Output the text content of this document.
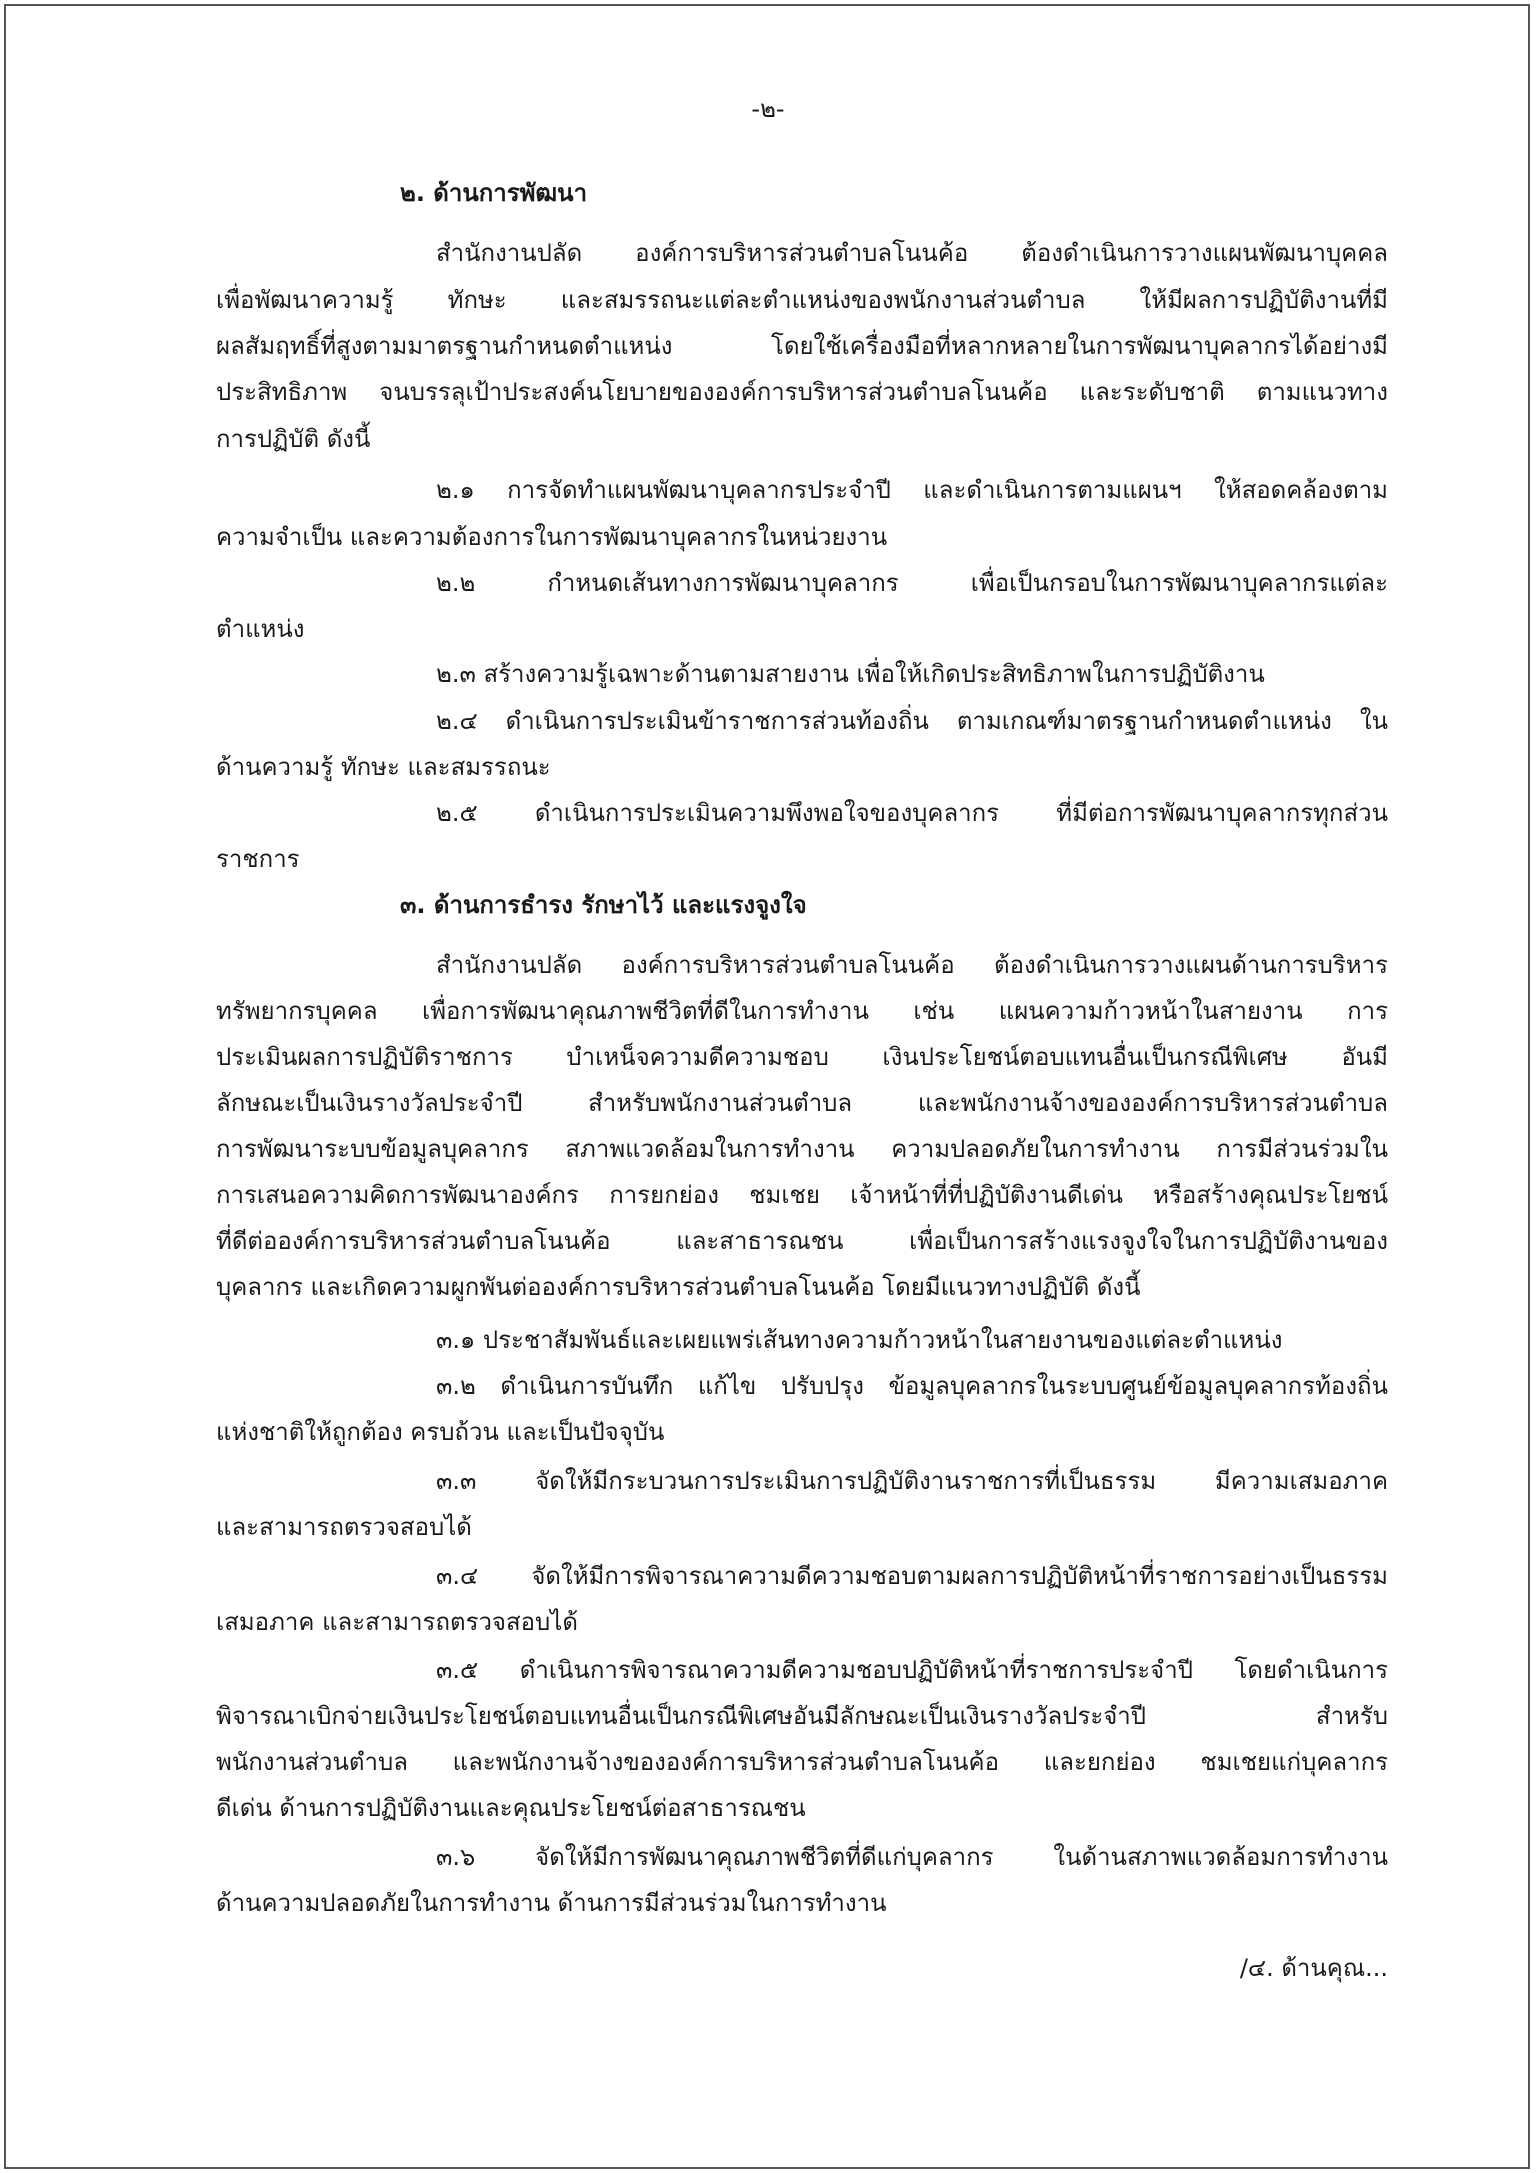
-๒-
๒. ด้านการพัฒนา
สำนักงานปลัด องค์การบริหารส่วนตำบลโนนค้อ ต้องดำเนินการวางแผนพัฒนาบุคคล
เพื่อพัฒนาความรู้ ทักษะ และสมรรถนะแต่ละตำแหน่งของพนักงานส่วนตำบล ให้มีผลการปฏิบัติงานที่มี
ผลสัมฤทธิ์ที่สูงตามมาตรฐานกำหนดตำแหน่ง โดยใช้เครื่องมือที่หลากหลายในการพัฒนาบุคลากรได้อย่างมี
ประสิทธิภาพ จนบรรลุเป้าประสงค์นโยบายขององค์การบริหารส่วนตำบลโนนค้อ และระดับชาติ ตามแนวทาง
การปฏิบัติ ดังนี้
๒.๑ การจัดทำแผนพัฒนาบุคลากรประจำปี และดำเนินการตามแผนฯ ให้สอดคล้องตาม
ความจำเป็น และความต้องการในการพัฒนาบุคลากรในหน่วยงาน
๒.๒ กำหนดเส้นทางการพัฒนาบุคลากร เพื่อเป็นกรอบในการพัฒนาบุคลากรแต่ละ
ตำแหน่ง
๒.๓ สร้างความรู้เฉพาะด้านตามสายงาน เพื่อให้เกิดประสิทธิภาพในการปฏิบัติงาน
๒.๔ ดำเนินการประเมินข้าราชการส่วนท้องถิ่น ตามเกณฑ์มาตรฐานกำหนดตำแหน่ง ใน
ด้านความรู้ ทักษะ และสมรรถนะ
๒.๕ ดำเนินการประเมินความพึงพอใจของบุคลากร ที่มีต่อการพัฒนาบุคลากรทุกส่วน
ราชการ
๓. ด้านการธำรง รักษาไว้ และแรงจูงใจ
สำนักงานปลัด องค์การบริหารส่วนตำบลโนนค้อ ต้องดำเนินการวางแผนด้านการบริหาร
ทรัพยากรบุคคล เพื่อการพัฒนาคุณภาพชีวิตที่ดีในการทำงาน เช่น แผนความก้าวหน้าในสายงาน การ
ประเมินผลการปฏิบัติราชการ บำเหน็จความดีความชอบ เงินประโยชน์ตอบแทนอื่นเป็นกรณีพิเศษ อันมี
ลักษณะเป็นเงินรางวัลประจำปี สำหรับพนักงานส่วนตำบล และพนักงานจ้างขององค์การบริหารส่วนตำบล
การพัฒนาระบบข้อมูลบุคลากร สภาพแวดล้อมในการทำงาน ความปลอดภัยในการทำงาน การมีส่วนร่วมใน
การเสนอความคิดการพัฒนาองค์กร การยกย่อง ชมเชย เจ้าหน้าที่ที่ปฏิบัติงานดีเด่น หรือสร้างคุณประโยชน์
ที่ดีต่อองค์การบริหารส่วนตำบลโนนค้อ และสาธารณชน เพื่อเป็นการสร้างแรงจูงใจในการปฏิบัติงานของ
บุคลากร และเกิดความผูกพันต่อองค์การบริหารส่วนตำบลโนนค้อ โดยมีแนวทางปฏิบัติ ดังนี้
๓.๑ ประชาสัมพันธ์และเผยแพร่เส้นทางความก้าวหน้าในสายงานของแต่ละตำแหน่ง
๓.๒ ดำเนินการบันทึก แก้ไข ปรับปรุง ข้อมูลบุคลากรในระบบศูนย์ข้อมูลบุคลากรท้องถิ่น
แห่งชาติให้ถูกต้อง ครบถ้วน และเป็นปัจจุบัน
๓.๓ จัดให้มีกระบวนการประเมินการปฏิบัติงานราชการที่เป็นธรรม มีความเสมอภาค
และสามารถตรวจสอบได้
๓.๔ จัดให้มีการพิจารณาความดีความชอบตามผลการปฏิบัติหน้าที่ราชการอย่างเป็นธรรม
เสมอภาค และสามารถตรวจสอบได้
๓.๕ ดำเนินการพิจารณาความดีความชอบปฏิบัติหน้าที่ราชการประจำปี โดยดำเนินการ
พิจารณาเบิกจ่ายเงินประโยชน์ตอบแทนอื่นเป็นกรณีพิเศษอันมีลักษณะเป็นเงินรางวัลประจำปี สำหรับ
พนักงานส่วนตำบล และพนักงานจ้างขององค์การบริหารส่วนตำบลโนนค้อ และยกย่อง ชมเชยแก่บุคลากร
ดีเด่น ด้านการปฏิบัติงานและคุณประโยชน์ต่อสาธารณชน
๓.๖ จัดให้มีการพัฒนาคุณภาพชีวิตที่ดีแก่บุคลากร ในด้านสภาพแวดล้อมการทำงาน
ด้านความปลอดภัยในการทำงาน ด้านการมีส่วนร่วมในการทำงาน
/๔. ด้านคุณ...
